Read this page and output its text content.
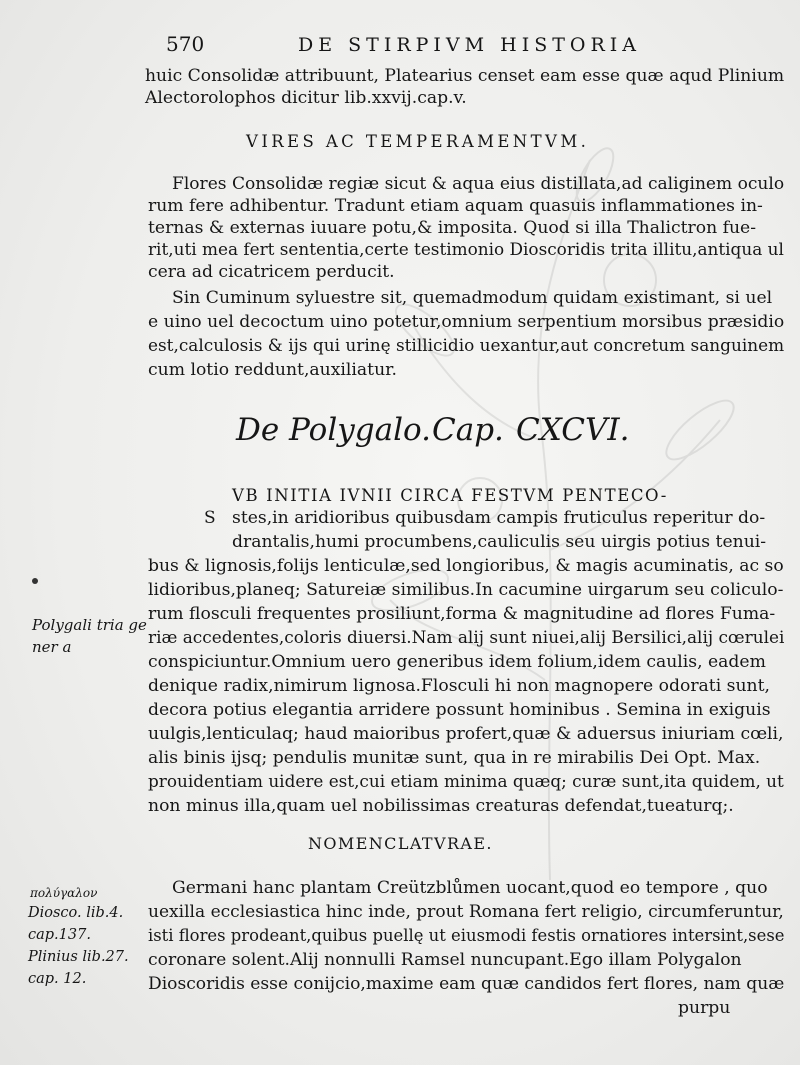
570	DE STIRPIVM HISTORIA
huic Consolidæ attribuunt, Platearius censet eam esse quæ aqud Plinium
Alectorolophos dicitur lib.xxvij.cap.v.
VIRES AC TEMPERAMENTVM.
Flores Consolidæ regiæ sicut & aqua eius distillata,ad caliginem oculo
rum fere adhibentur. Tradunt etiam aquam quasuis inflammationes in-
ternas & externas iuuare potu,& imposita. Quod si illa Thalictron fue-
rit,uti mea fert sententia,certe testimonio Dioscoridis trita illitu,antiqua ul
cera ad cicatricem perducit.
Sin Cuminum syluestre sit, quemadmodum quidam existimant, si uel
e uino uel decoctum uino potetur,omnium serpentium morsibus præsidio
est,calculosis & ijs qui urinę stillicidio uexantur,aut concretum sanguinem
cum lotio reddunt,auxiliatur.
De Polygalo. Cap. CXCVI.
VB INITIA IVNII CIRCA FESTVM PENTECO-
S stes,in aridioribus quibusdam campis fruticulus reperitur do-
drantalis,humi procumbens,cauliculis seu uirgis potius tenui-
bus & lignosis,folijs lenticulæ,sed longioribus, & magis acuminatis, ac so
lidioribus,planeq; Satureiæ similibus.In cacumine uirgarum seu coliculo-
rum flosculi frequentes prosiliunt,forma & magnitudine ad flores Fuma-
riæ accedentes,coloris diuersi.Nam alij sunt niuei,alij Bersilici,alij cœrulei
conspiciuntur.Omnium uero generibus idem folium,idem caulis, eadem
denique radix,nimirum lignosa.Flosculi hi non magnopere odorati sunt,
decora potius elegantia arridere possunt hominibus . Semina in exiguis
uulgis,lenticulaq; haud maioribus profert,quæ & aduersus iniuriam cœli,
alis binis ijsq; pendulis munitæ sunt, qua in re mirabilis Dei Opt. Max.
prouidentiam uidere est,cui etiam minima quæq; curæ sunt,ita quidem, ut
non minus illa,quam uel nobilissimas creaturas defendat,tueaturq;.
NOMENCLATVRAE.
Germani hanc plantam Creützblůmen uocant,quod eo tempore , quo
uexilla ecclesiastica hinc inde, prout Romana fert religio, circumferuntur,
isti flores prodeant,quibus puellę ut eiusmodi festis ornatiores intersint,sese
coronare solent.Alij nonnulli Ramsel nuncupant.Ego illam Polygalon
Dioscoridis esse conijcio,maxime eam quæ candidos fert flores, nam quæ
purpu
Polygali tria ge
ner a
πολύγαλον
Diosco. lib.4.
cap.137.
Plinius lib.27.
cap. 12.
